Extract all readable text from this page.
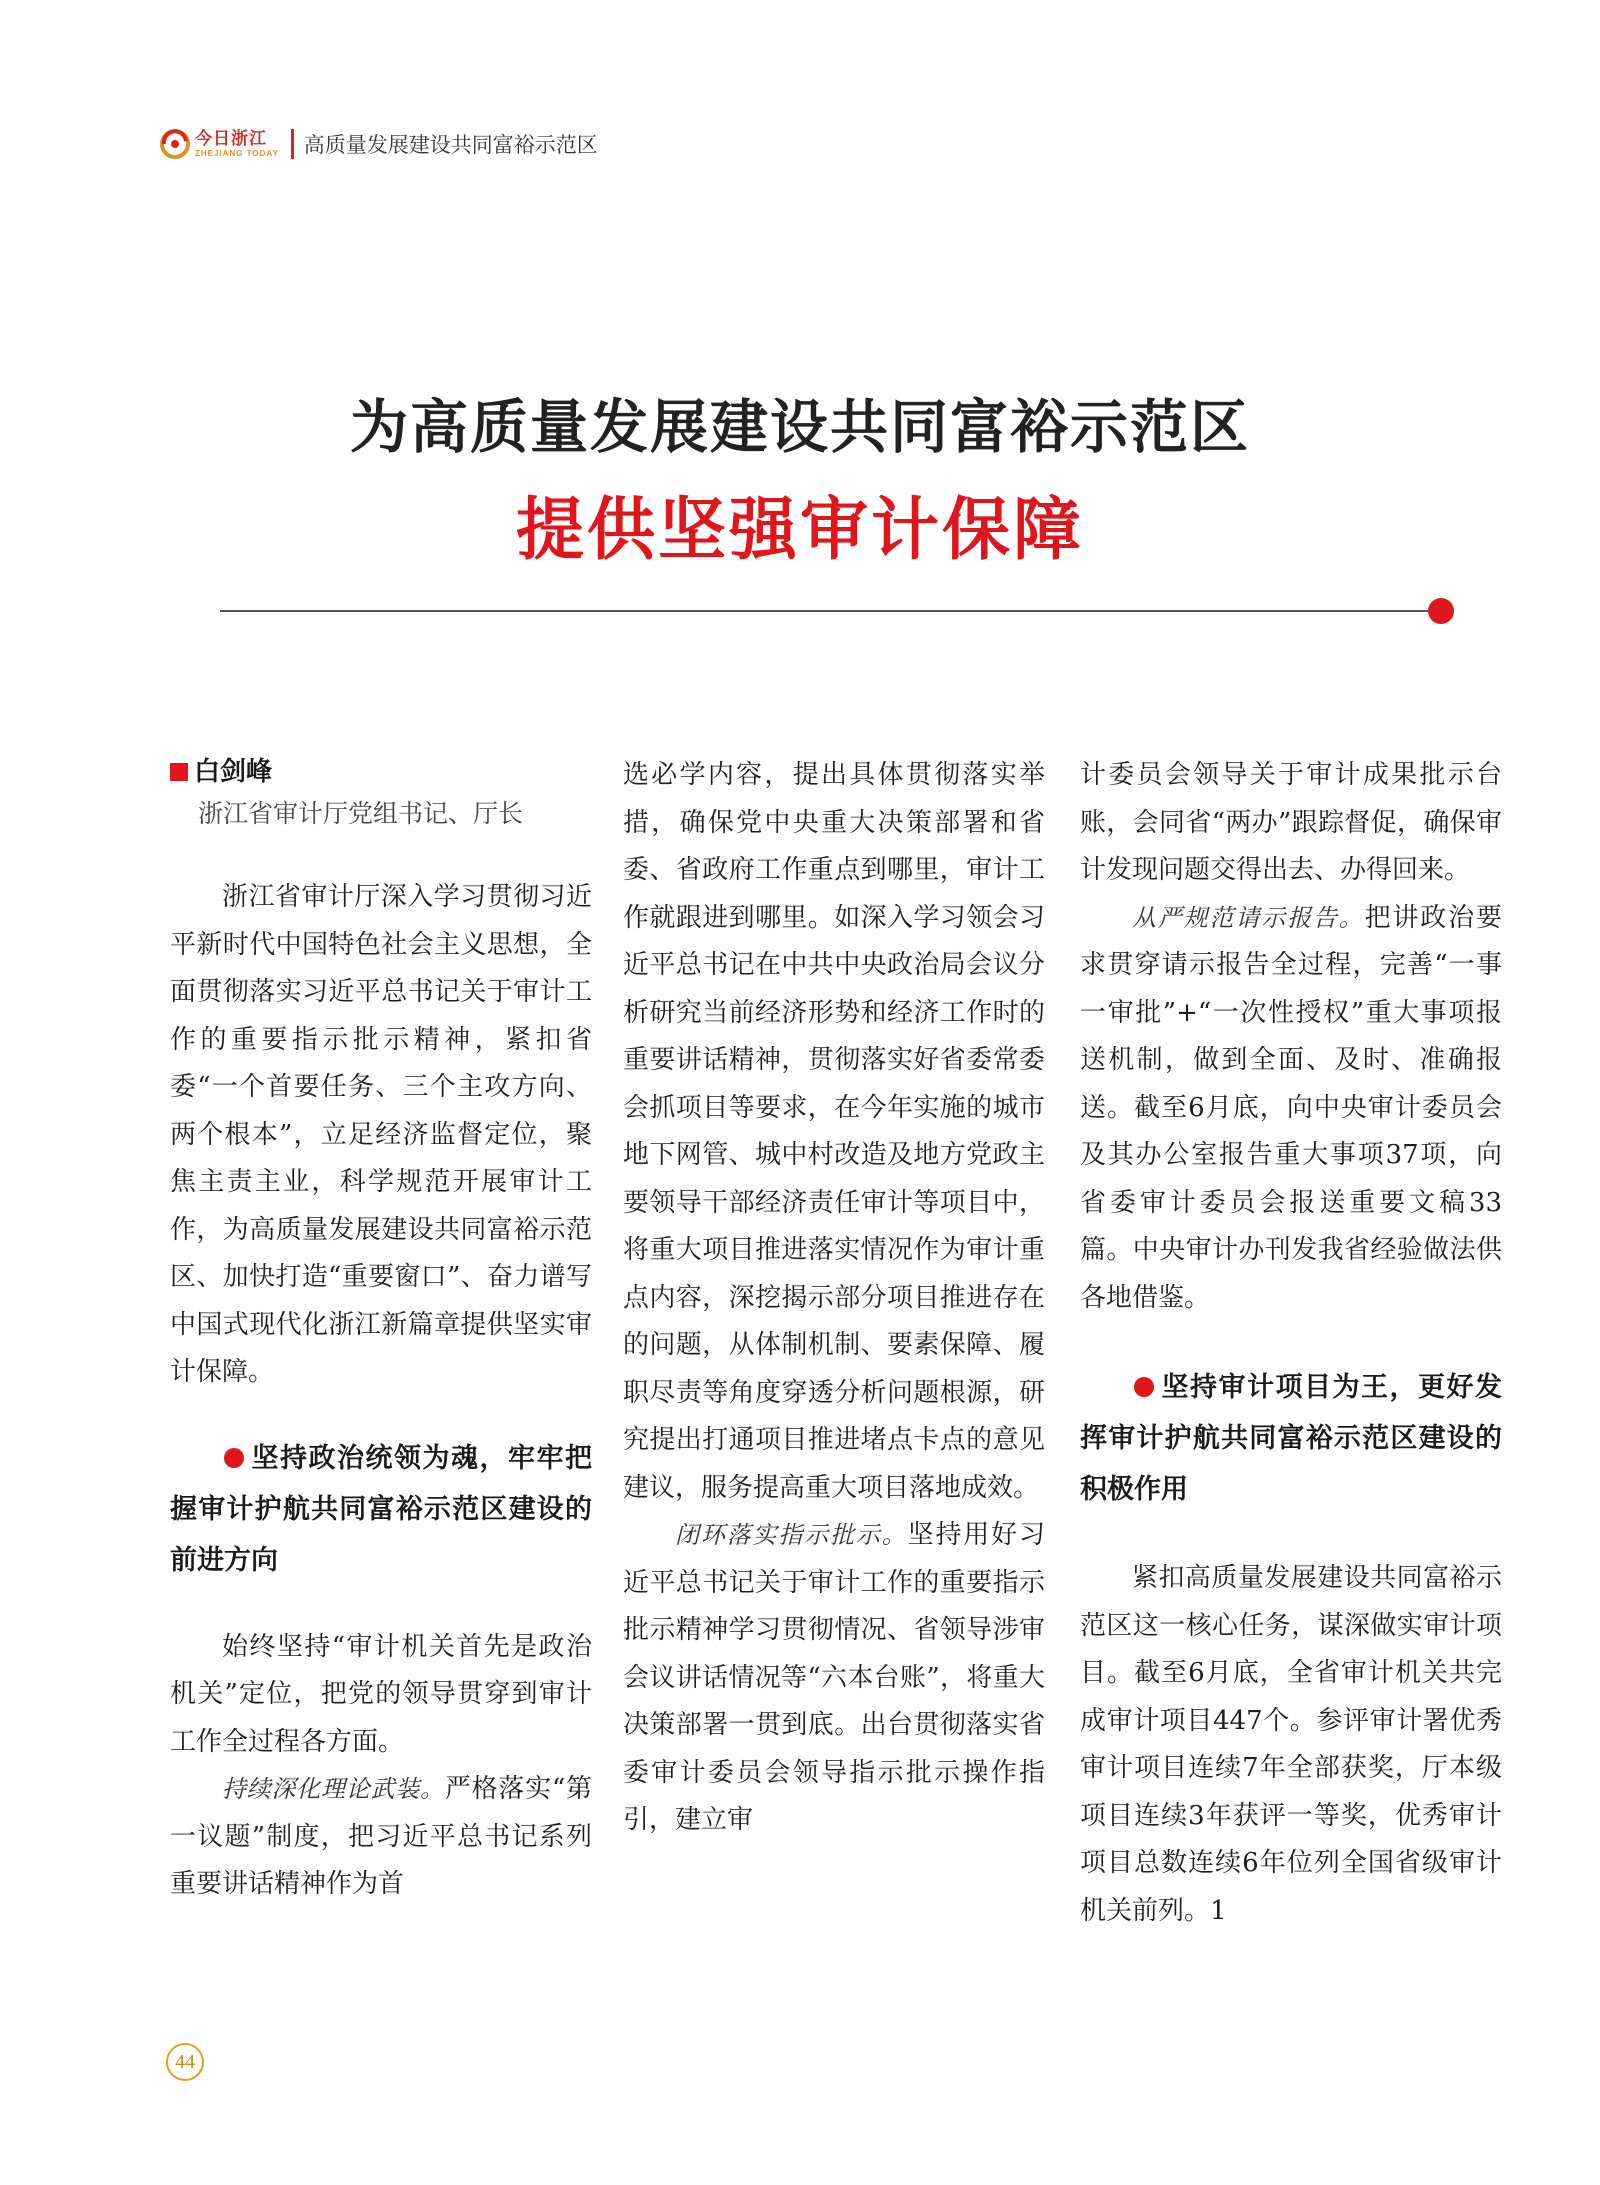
今日浙江
ZHEJIANG TODAY 高质量发展建设共同富裕示范区
为高质量发展建设共同富裕示范区
提供坚强审计保障
白剑峰
浙江省审计厅党组书记、厅长

浙江省审计厅深入学习贯彻习近平新时代中国特色社会主义思想，全面贯彻落实习近平总书记关于审计工作的重要指示批示精神，紧扣省委“一个首要任务、三个主攻方向、两个根本”，立足经济监督定位，聚焦主责主业，科学规范开展审计工作，为高质量发展建设共同富裕示范区、加快打造“重要窗口”、奋力谱写中国式现代化浙江新篇章提供坚实审计保障。

坚持政治统领为魂，牢牢把握审计护航共同富裕示范区建设的前进方向

始终坚持“审计机关首先是政治机关”定位，把党的领导贯穿到审计工作全过程各方面。

持续深化理论武装。严格落实“第一议题”制度，把习近平总书记系列重要讲话精神作为首

选必学内容，提出具体贯彻落实举措，确保党中央重大决策部署和省委、省政府工作重点到哪里，审计工作就跟进到哪里。如深入学习领会习近平总书记在中共中央政治局会议分析研究当前经济形势和经济工作时的重要讲话精神，贯彻落实好省委常委会抓项目等要求，在今年实施的城市地下网管、城中村改造及地方党政主要领导干部经济责任审计等项目中，将重大项目推进落实情况作为审计重点内容，深挖揭示部分项目推进存在的问题，从体制机制、要素保障、履职尽责等角度穿透分析问题根源，研究提出打通项目推进堵点卡点的意见建议，服务提高重大项目落地成效。

闭环落实指示批示。坚持用好习近平总书记关于审计工作的重要指示批示精神学习贯彻情况、省领导涉审会议讲话情况等“六本台账”，将重大决策部署一贯到底。出台贯彻落实省委审计委员会领导指示批示操作指引，建立审

计委员会领导关于审计成果批示台账，会同省“两办”跟踪督促，确保审计发现问题交得出去、办得回来。

从严规范请示报告。把讲政治要求贯穿请示报告全过程，完善“一事一审批”+“一次性授权”重大事项报送机制，做到全面、及时、准确报送。截至6月底，向中央审计委员会及其办公室报告重大事项37项，向省委审计委员会报送重要文稿33篇。中央审计办刊发我省经验做法供各地借鉴。

坚持审计项目为王，更好发挥审计护航共同富裕示范区建设的积极作用

紧扣高质量发展建设共同富裕示范区这一核心任务，谋深做实审计项目。截至6月底，全省审计机关共完成审计项目447个。参评审计署优秀审计项目连续7年全部获奖，厅本级项目连续3年获评一等奖，优秀审计项目总数连续6年位列全国省级审计机关前列。1

44
